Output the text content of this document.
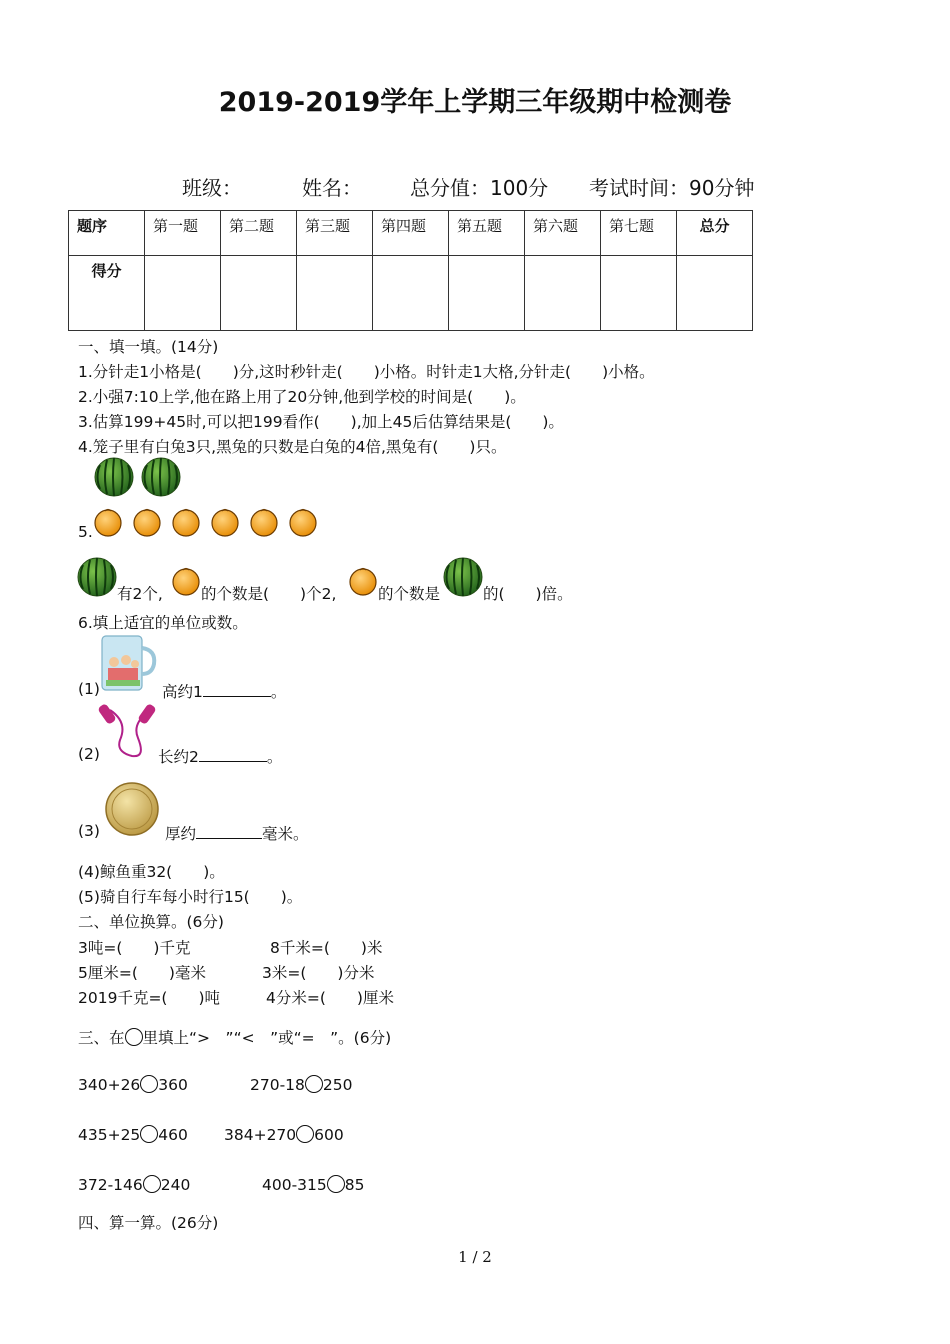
2019-2019学年上学期三年级期中检测卷
班级：	姓名： 总分值：100分 考试时间：90分钟
题序	第一题	第二题	第三题	第四题	第五题	第六题	第七题	总分
得分								
一、填一填。(14分)
1.分针走1小格是(　　)分,这时秒针走(　　)小格。时针走1大格,分针走(　　)小格。
2.小强7:10上学,他在路上用了20分钟,他到学校的时间是(　　)。
3.估算199+45时,可以把199看作(　　),加上45后估算结果是(　　)。
4.笼子里有白兔3只,黑兔的只数是白兔的4倍,黑兔有(　　)只。
5.
有2个, 的个数是(　　)个2,	的个数是	的(　　)倍。
6.填上适宜的单位或数。
(1)	高约1	。
(2)	长约2	。
(3)	厚约	毫米。
(4)鲸鱼重32(　　)。
(5)骑自行车每小时行15(　　)。
二、单位换算。(6分)
3吨=(　　)千克	8千米=(　　)米
5厘米=(　　)毫米	3米=(　　)分米
2019千克=(　　)吨	4分米=(　　)厘米
三、在 里填上“>　”“<　”或“=　”。(6分)
340+26 360	270-18 250
435+25 460 384+270 600
372-146 240	400-315 85
四、算一算。(26分)
1 / 2
